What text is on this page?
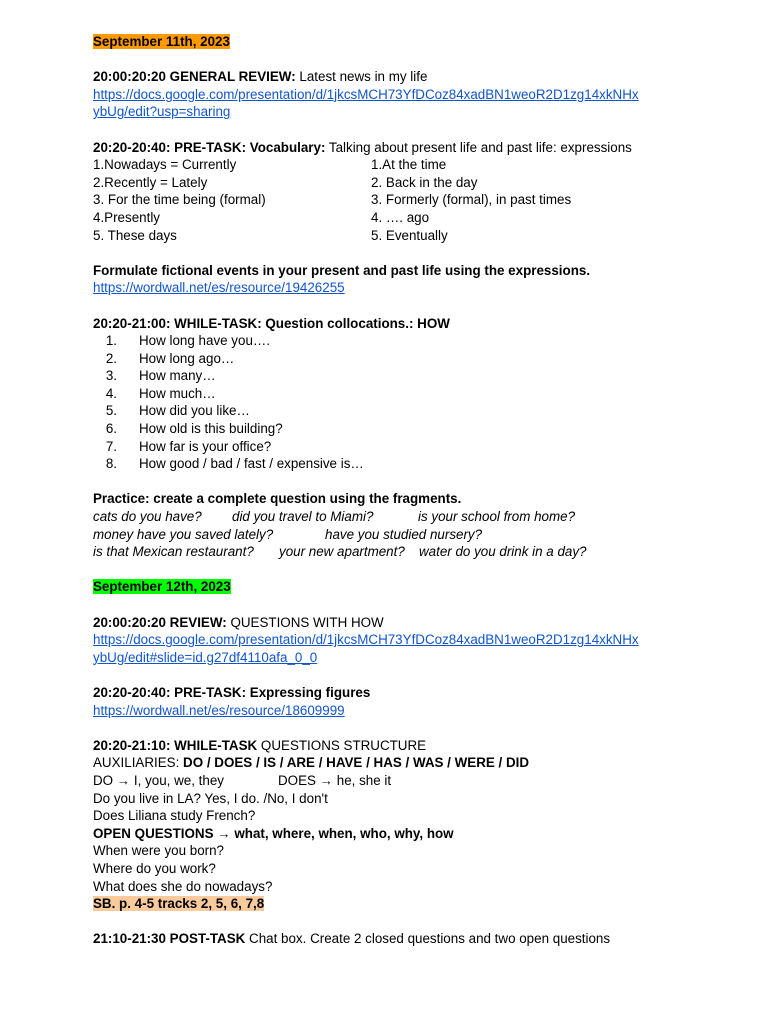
September 11th, 2023
20:00:20:20 GENERAL REVIEW: Latest news in my life
https://docs.google.com/presentation/d/1jkcsMCH73YfDCoz84xadBN1weoR2D1zg14xkNHx
ybUg/edit?usp=sharing
20:20-20:40: PRE-TASK: Vocabulary: Talking about present life and past life: expressions
1.Nowadays = Currently	1.At the time
2.Recently = Lately	2. Back in the day
3. For the time being (formal)	3. Formerly (formal), in past times
4.Presently	4. …. ago
5. These days	5. Eventually
Formulate fictional events in your present and past life using the expressions.
https://wordwall.net/es/resource/19426255
20:20-21:00: WHILE-TASK: Question collocations.: HOW
1. How long have you….
2. How long ago…
3. How many…
4. How much…
5. How did you like…
6. How old is this building?
7. How far is your office?
8. How good / bad / fast / expensive is…
Practice: create a complete question using the fragments.
cats do you have? did you travel to Miami?	is your school from home?
money have you saved lately?	have you studied nursery?
is that Mexican restaurant? your new apartment? water do you drink in a day?
September 12th, 2023
20:00:20:20 REVIEW: QUESTIONS WITH HOW
https://docs.google.com/presentation/d/1jkcsMCH73YfDCoz84xadBN1weoR2D1zg14xkNHx
ybUg/edit#slide=id.g27df4110afa_0_0
20:20-20:40: PRE-TASK: Expressing figures
https://wordwall.net/es/resource/18609999
20:20-21:10: WHILE-TASK QUESTIONS STRUCTURE
AUXILIARIES: DO / DOES / IS / ARE / HAVE / HAS / WAS / WERE / DID
DO → I, you, we, they	DOES → he, she it
Do you live in LA? Yes, I do. /No, I don't
Does Liliana study French?
OPEN QUESTIONS → what, where, when, who, why, how
When were you born?
Where do you work?
What does she do nowadays?
SB. p. 4-5 tracks 2, 5, 6, 7,8
21:10-21:30 POST-TASK Chat box. Create 2 closed questions and two open questions
